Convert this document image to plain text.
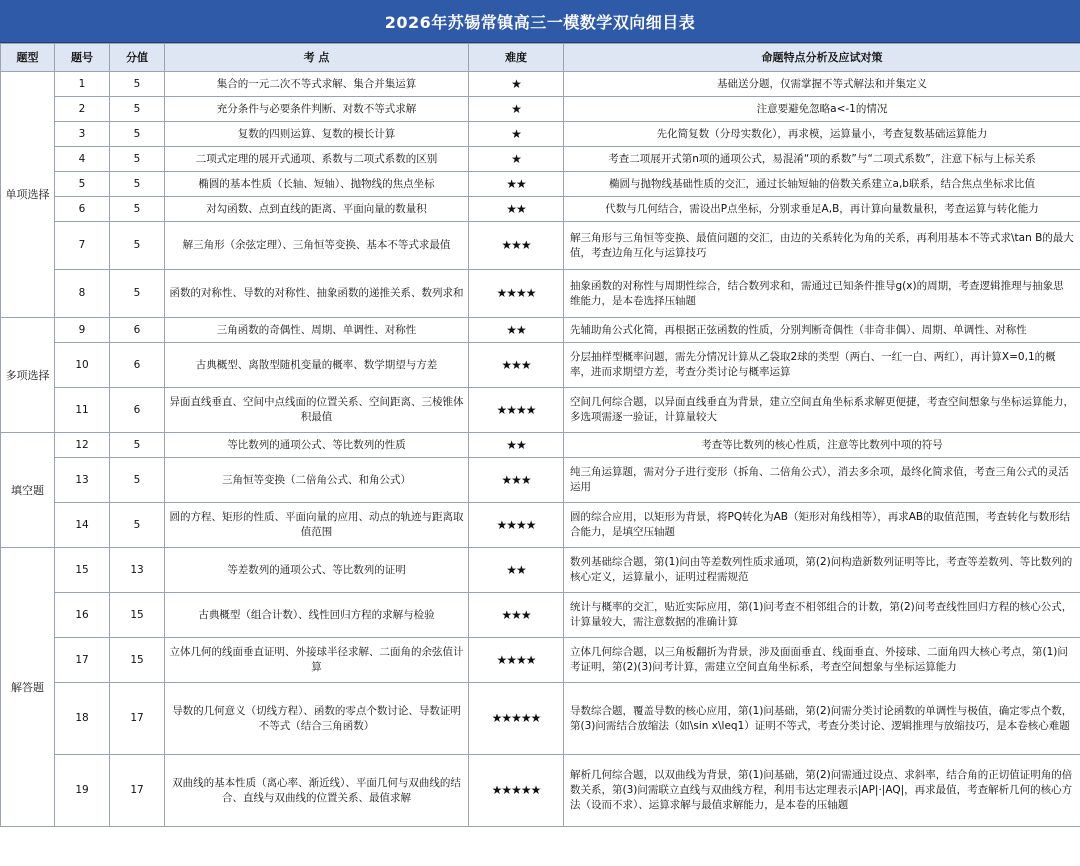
2026年苏锡常镇高三一模数学双向细目表
题型	题号	分值	考 点	难度	命题特点分析及应试对策
单项选择	1	5	集合的一元二次不等式求解、集合并集运算	★	基础送分题，仅需掌握不等式解法和并集定义
	2	5	充分条件与必要条件判断、对数不等式求解	★	注意要避免忽略a<-1的情况
	3	5	复数的四则运算、复数的模长计算	★	先化简复数（分母实数化），再求模，运算量小，考查复数基础运算能力
	4	5	二项式定理的展开式通项、系数与二项式系数的区别	★	考查二项展开式第n项的通项公式，易混淆“项的系数”与“二项式系数”，注意下标与上标关系
	5	5	椭圆的基本性质（长轴、短轴）、抛物线的焦点坐标	★★	椭圆与抛物线基础性质的交汇，通过长轴短轴的倍数关系建立a,b联系，结合焦点坐标求比值
	6	5	对勾函数、点到直线的距离、平面向量的数量积	★★	代数与几何结合，需设出P点坐标，分别求垂足A,B，再计算向量数量积，考查运算与转化能力
	7	5	解三角形（余弦定理）、三角恒等变换、基本不等式求最值	★★★	解三角形与三角恒等变换、最值问题的交汇，由边的关系转化为角的关系，再利用基本不等式求\tan B的最大值，考查边角互化与运算技巧
	8	5	函数的对称性、导数的对称性、抽象函数的递推关系、数列求和	★★★★	抽象函数的对称性与周期性综合，结合数列求和，需通过已知条件推导g(x)的周期，考查逻辑推理与抽象思维能力，是本卷选择压轴题
多项选择	9	6	三角函数的奇偶性、周期、单调性、对称性	★★	先辅助角公式化简，再根据正弦函数的性质，分别判断奇偶性（非奇非偶）、周期、单调性、对称性
	10	6	古典概型、离散型随机变量的概率、数学期望与方差	★★★	分层抽样型概率问题，需先分情况计算从乙袋取2球的类型（两白、一红一白、两红），再计算X=0,1的概率，进而求期望方差，考查分类讨论与概率运算
	11	6	异面直线垂直、空间中点线面的位置关系、空间距离、三棱锥体积最值	★★★★	空间几何综合题，以异面直线垂直为背景，建立空间直角坐标系求解更便捷，考查空间想象与坐标运算能力，多选项需逐一验证，计算量较大
填空题	12	5	等比数列的通项公式、等比数列的性质	★★	考查等比数列的核心性质，注意等比数列中项的符号
	13	5	三角恒等变换（二倍角公式、和角公式）	★★★	纯三角运算题，需对分子进行变形（拆角、二倍角公式），消去多余项，最终化简求值，考查三角公式的灵活运用
	14	5	圆的方程、矩形的性质、平面向量的应用、动点的轨迹与距离取值范围	★★★★	圆的综合应用，以矩形为背景，将PQ转化为AB（矩形对角线相等），再求AB的取值范围，考查转化与数形结合能力，是填空压轴题
解答题	15	13	等差数列的通项公式、等比数列的证明	★★	数列基础综合题，第(1)问由等差数列性质求通项，第(2)问构造新数列证明等比，考查等差数列、等比数列的核心定义，运算量小，证明过程需规范
	16	15	古典概型（组合计数）、线性回归方程的求解与检验	★★★	统计与概率的交汇，贴近实际应用，第(1)问考查不相邻组合的计数，第(2)问考查线性回归方程的核心公式，计算量较大，需注意数据的准确计算
	17	15	立体几何的线面垂直证明、外接球半径求解、二面角的余弦值计算	★★★★	立体几何综合题，以三角板翻折为背景，涉及面面垂直、线面垂直、外接球、二面角四大核心考点，第(1)问考证明，第(2)(3)问考计算，需建立空间直角坐标系，考查空间想象与坐标运算能力
	18	17	导数的几何意义（切线方程）、函数的零点个数讨论、导数证明不等式（结合三角函数）	★★★★★	导数综合题，覆盖导数的核心应用，第(1)问基础，第(2)问需分类讨论函数的单调性与极值，确定零点个数，第(3)问需结合放缩法（如\sin x\leq1）证明不等式，考查分类讨论、逻辑推理与放缩技巧，是本卷核心难题
	19	17	双曲线的基本性质（离心率、渐近线）、平面几何与双曲线的结合、直线与双曲线的位置关系、最值求解	★★★★★	解析几何综合题，以双曲线为背景，第(1)问基础，第(2)问需通过设点、求斜率，结合角的正切值证明角的倍数关系，第(3)问需联立直线与双曲线方程，利用韦达定理表示|AP|·|AQ|，再求最值，考查解析几何的核心方法（设而不求）、运算求解与最值求解能力，是本卷的压轴题
